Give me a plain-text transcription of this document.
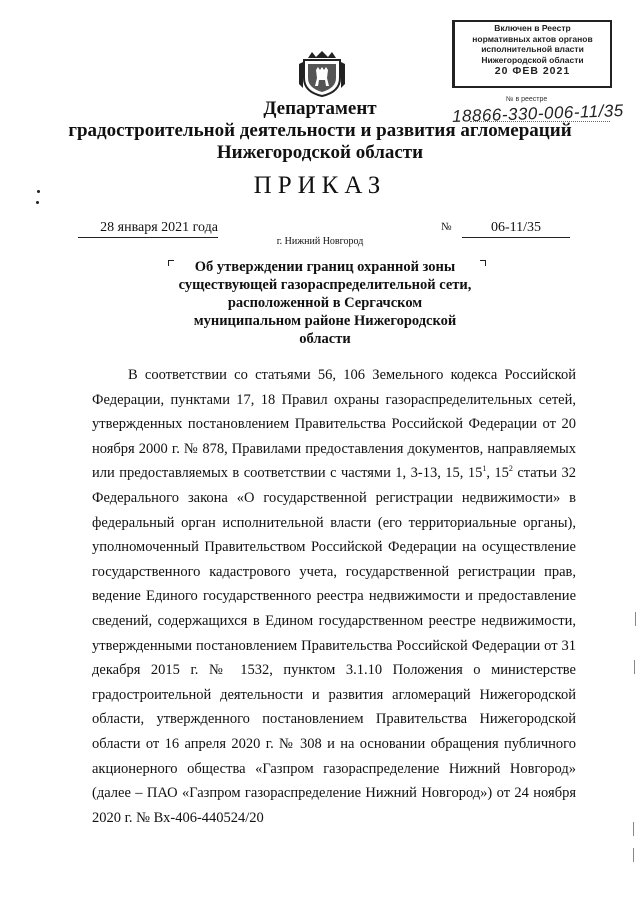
Включен в Реестр
нормативных актов органов
исполнительной власти
Нижегородской области
20 ФЕВ 2021
№ в реестре
18866-330-006-11/35
Департамент
градостроительной деятельности и развития агломераций
Нижегородской области
ПРИКАЗ
28 января 2021 года	№	06-11/35
г. Нижний Новгород
Об утверждении границ охранной зоны
существующей газораспределительной сети,
расположенной в Сергачском
муниципальном районе Нижегородской
области
В соответствии со статьями 56, 106 Земельного кодекса Российской Федерации, пунктами 17, 18 Правил охраны газораспределительных сетей, утвержденных постановлением Правительства Российской Федерации от 20 ноября 2000 г. № 878, Правилами предоставления документов, направляемых или предоставляемых в соответствии с частями 1, 3-13, 15, $15^1$, $15^2$ статьи 32 Федерального закона «О государственной регистрации недвижимости» в федеральный орган исполнительной власти (его территориальные органы), уполномоченный Правительством Российской Федерации на осуществление государственного кадастрового учета, государственной регистрации прав, ведение Единого государственного реестра недвижимости и предоставление сведений, содержащихся в Едином государственном реестре недвижимости, утвержденными постановлением Правительства Российской Федерации от 31 декабря 2015 г. № 1532, пунктом 3.1.10 Положения о министерстве градостроительной деятельности и развития агломераций Нижегородской области, утвержденного постановлением Правительства Нижегородской области от 16 апреля 2020 г. № 308 и на основании обращения публичного акционерного общества «Газпром газораспределение Нижний Новгород» (далее – ПАО «Газпром газораспределение Нижний Новгород») от 24 ноября 2020 г. № Вх-406-440524/20
